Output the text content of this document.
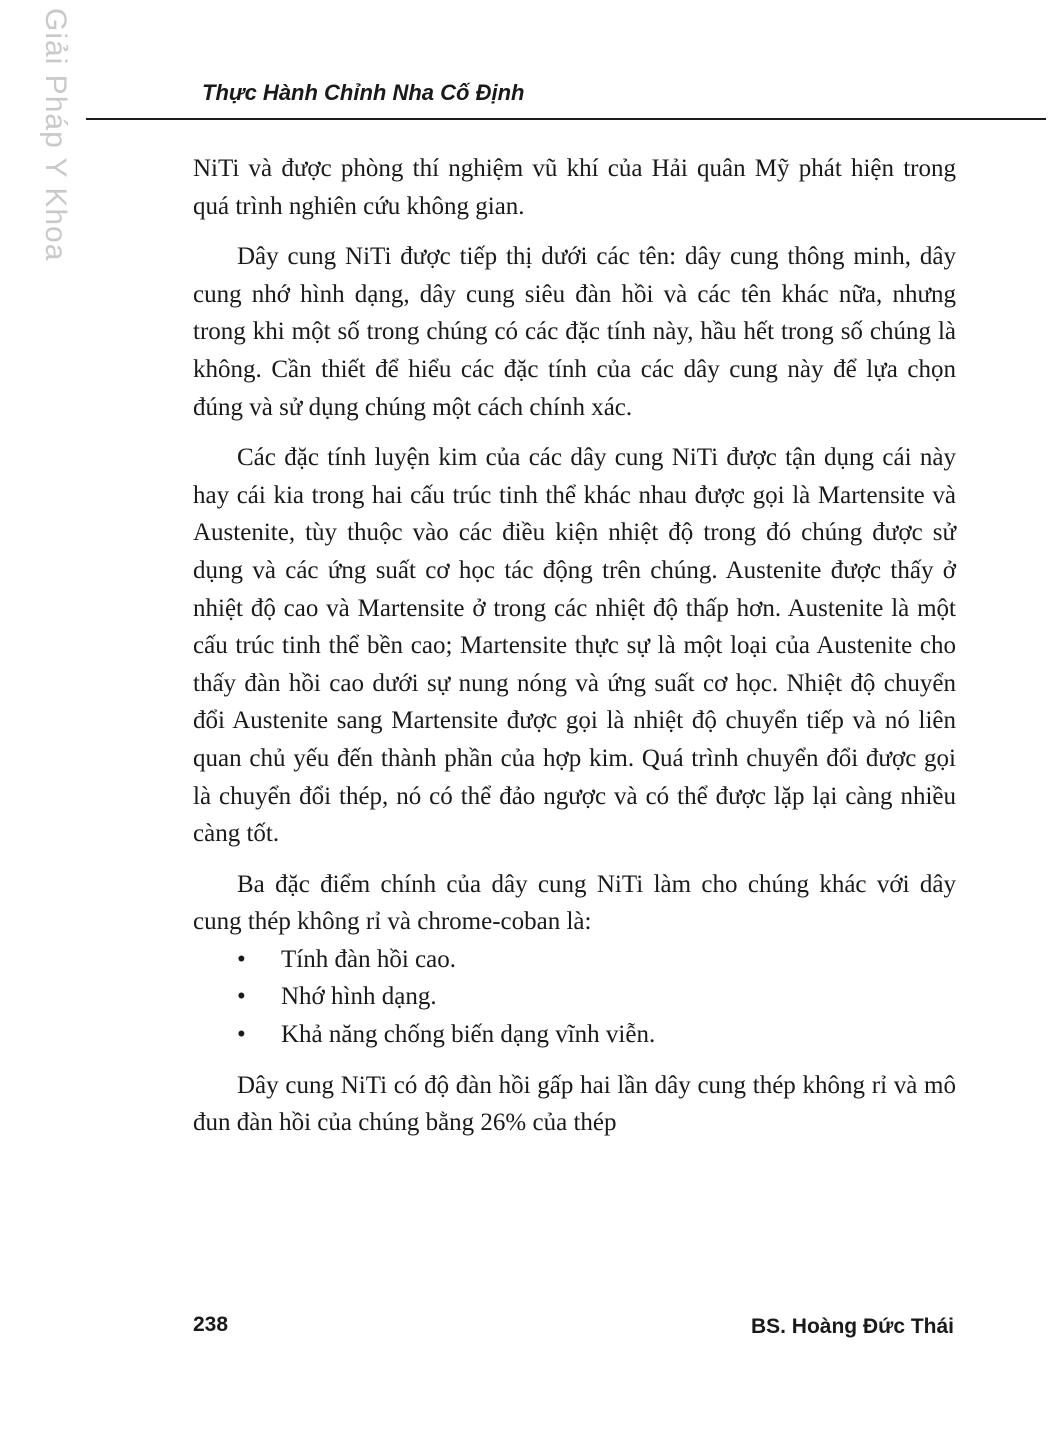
Giải Pháp Y Khoa	Thực Hành Chỉnh Nha Cố Định

NiTi và được phòng thí nghiệm vũ khí của Hải quân Mỹ phát hiện trong quá trình nghiên cứu không gian.

Dây cung NiTi được tiếp thị dưới các tên: dây cung thông minh, dây cung nhớ hình dạng, dây cung siêu đàn hồi và các tên khác nữa, nhưng trong khi một số trong chúng có các đặc tính này, hầu hết trong số chúng là không. Cần thiết để hiểu các đặc tính của các dây cung này để lựa chọn đúng và sử dụng chúng một cách chính xác.

Các đặc tính luyện kim của các dây cung NiTi được tận dụng cái này hay cái kia trong hai cấu trúc tinh thể khác nhau được gọi là Martensite và Austenite, tùy thuộc vào các điều kiện nhiệt độ trong đó chúng được sử dụng và các ứng suất cơ học tác động trên chúng. Austenite được thấy ở nhiệt độ cao và Martensite ở trong các nhiệt độ thấp hơn. Austenite là một cấu trúc tinh thể bền cao; Martensite thực sự là một loại của Austenite cho thấy đàn hồi cao dưới sự nung nóng và ứng suất cơ học. Nhiệt độ chuyển đổi Austenite sang Martensite được gọi là nhiệt độ chuyển tiếp và nó liên quan chủ yếu đến thành phần của hợp kim. Quá trình chuyển đổi được gọi là chuyển đổi thép, nó có thể đảo ngược và có thể được lặp lại càng nhiều càng tốt.

Ba đặc điểm chính của dây cung NiTi làm cho chúng khác với dây cung thép không rỉ và chrome-coban là:

• Tính đàn hồi cao.
• Nhớ hình dạng.
• Khả năng chống biến dạng vĩnh viễn.

Dây cung NiTi có độ đàn hồi gấp hai lần dây cung thép không rỉ và mô đun đàn hồi của chúng bằng 26% của thép

238	BS. Hoàng Đức Thái
